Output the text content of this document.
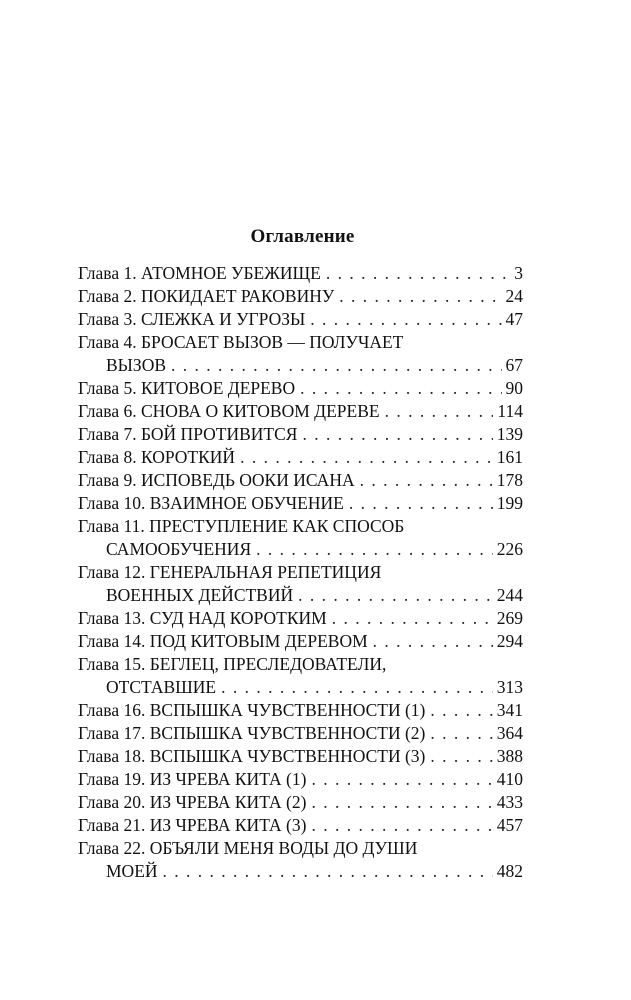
Оглавление
Глава 1. АТОМНОЕ УБЕЖИЩЕ . . .	3
Глава 2. ПОКИДАЕТ РАКОВИНУ . . .	24
Глава 3. СЛЕЖКА И УГРОЗЫ . . .	47
Глава 4. БРОСАЕТ ВЫЗОВ — ПОЛУЧАЕТ
ВЫЗОВ . . .	67
Глава 5. КИТОВОЕ ДЕРЕВО . . .	90
Глава 6. СНОВА О КИТОВОМ ДЕРЕВЕ . . .	114
Глава 7. БОЙ ПРОТИВИТСЯ . . .	139
Глава 8. КОРОТКИЙ . . .	161
Глава 9. ИСПОВЕДЬ ООКИ ИСАНА . . .	178
Глава 10. ВЗАИМНОЕ ОБУЧЕНИЕ . . .	199
Глава 11. ПРЕСТУПЛЕНИЕ КАК СПОСОБ
САМООБУЧЕНИЯ . . .	226
Глава 12. ГЕНЕРАЛЬНАЯ РЕПЕТИЦИЯ
ВОЕННЫХ ДЕЙСТВИЙ . . .	244
Глава 13. СУД НАД КОРОТКИМ . . .	269
Глава 14. ПОД КИТОВЫМ ДЕРЕВОМ . . .	294
Глава 15. БЕГЛЕЦ, ПРЕСЛЕДОВАТЕЛИ,
ОТСТАВШИЕ . . .	313
Глава 16. ВСПЫШКА ЧУВСТВЕННОСТИ (1) . . .	341
Глава 17. ВСПЫШКА ЧУВСТВЕННОСТИ (2) . . .	364
Глава 18. ВСПЫШКА ЧУВСТВЕННОСТИ (3) . . .	388
Глава 19. ИЗ ЧРЕВА КИТА (1) . . .	410
Глава 20. ИЗ ЧРЕВА КИТА (2) . . .	433
Глава 21. ИЗ ЧРЕВА КИТА (3) . . .	457
Глава 22. ОБЪЯЛИ МЕНЯ ВОДЫ ДО ДУШИ
МОЕЙ . . .	482
